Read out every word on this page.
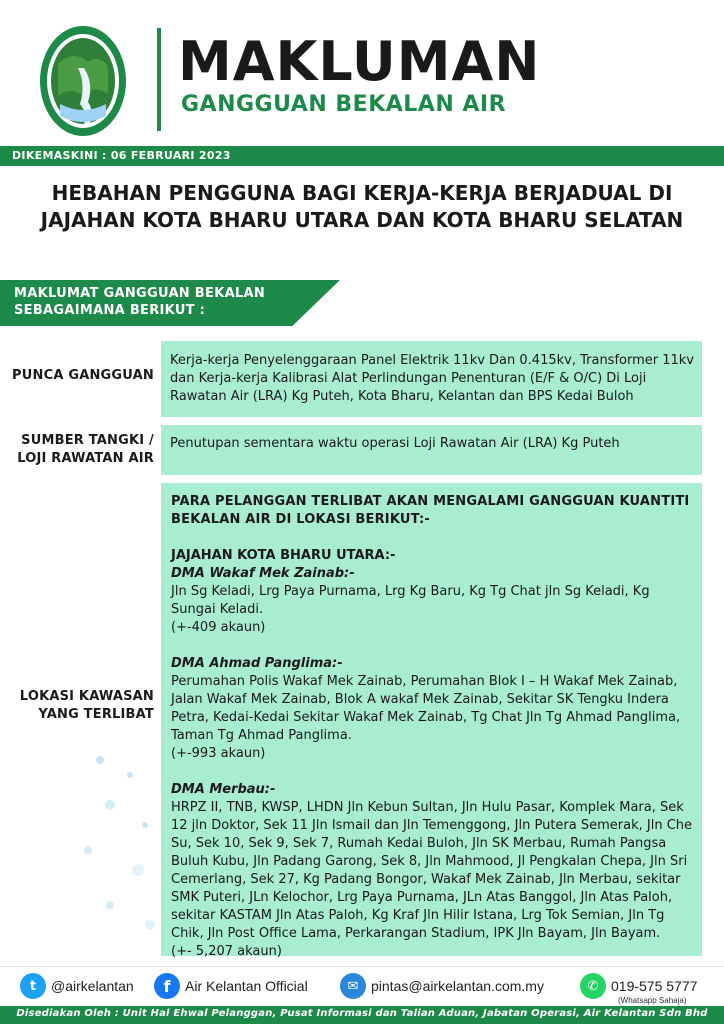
MAKLUMAN
GANGGUAN BEKALAN AIR
DIKEMASKINI : 06 FEBRUARI 2023
HEBAHAN PENGGUNA BAGI KERJA-KERJA BERJADUAL DI JAJAHAN KOTA BHARU UTARA DAN KOTA BHARU SELATAN
MAKLUMAT GANGGUAN BEKALAN SEBAGAIMANA BERIKUT :
PUNCA GANGGUAN
Kerja-kerja Penyelenggaraan Panel Elektrik 11kv Dan 0.415kv, Transformer 11kv dan Kerja-kerja Kalibrasi Alat Perlindungan Penenturan (E/F & O/C) Di Loji Rawatan Air (LRA) Kg Puteh, Kota Bharu, Kelantan dan BPS Kedai Buloh
SUMBER TANGKI /
LOJI RAWATAN AIR
Penutupan sementara waktu operasi Loji Rawatan Air (LRA) Kg Puteh
LOKASI KAWASAN
YANG TERLIBAT
PARA PELANGGAN TERLIBAT AKAN MENGALAMI GANGGUAN KUANTITI BEKALAN AIR DI LOKASI BERIKUT:-
JAJAHAN KOTA BHARU UTARA:-
DMA Wakaf Mek Zainab:-
Jln Sg Keladi, Lrg Paya Purnama, Lrg Kg Baru, Kg Tg Chat jln Sg Keladi, Kg Sungai Keladi.
(+-409 akaun)
DMA Ahmad Panglima:-
Perumahan Polis Wakaf Mek Zainab, Perumahan Blok I – H Wakaf Mek Zainab, Jalan Wakaf Mek Zainab, Blok A wakaf Mek Zainab, Sekitar SK Tengku Indera Petra, Kedai-Kedai Sekitar Wakaf Mek Zainab, Tg Chat Jln Tg Ahmad Panglima, Taman Tg Ahmad Panglima.
(+-993 akaun)
DMA Merbau:-
HRPZ II, TNB, KWSP, LHDN Jln Kebun Sultan, Jln Hulu Pasar, Komplek Mara, Sek 12 jln Doktor, Sek 11 Jln Ismail dan Jln Temenggong, Jln Putera Semerak, Jln Che Su, Sek 10, Sek 9, Sek 7, Rumah Kedai Buloh, Jln SK Merbau, Rumah Pangsa Buluh Kubu, Jln Padang Garong, Sek 8, Jln Mahmood, Jl Pengkalan Chepa, Jln Sri Cemerlang, Sek 27, Kg Padang Bongor, Wakaf Mek Zainab, Jln Merbau, sekitar SMK Puteri, JLn Kelochor, Lrg Paya Purnama, JLn Atas Banggol, Jln Atas Paloh, sekitar KASTAM Jln Atas Paloh, Kg Kraf Jln Hilir Istana, Lrg Tok Semian, Jln Tg Chik, Jln Post Office Lama, Perkarangan Stadium, IPK Jln Bayam, Jln Bayam.
(+- 5,207 akaun)
t	@airkelantan	f	Air Kelantan Official	✉ pintas@airkelantan.com.my	✆ 019-575 5777
(Whatsapp Sahaja)
Disediakan Oleh : Unit Hal Ehwal Pelanggan, Pusat Informasi dan Talian Aduan, Jabatan Operasi, Air Kelantan Sdn Bhd
